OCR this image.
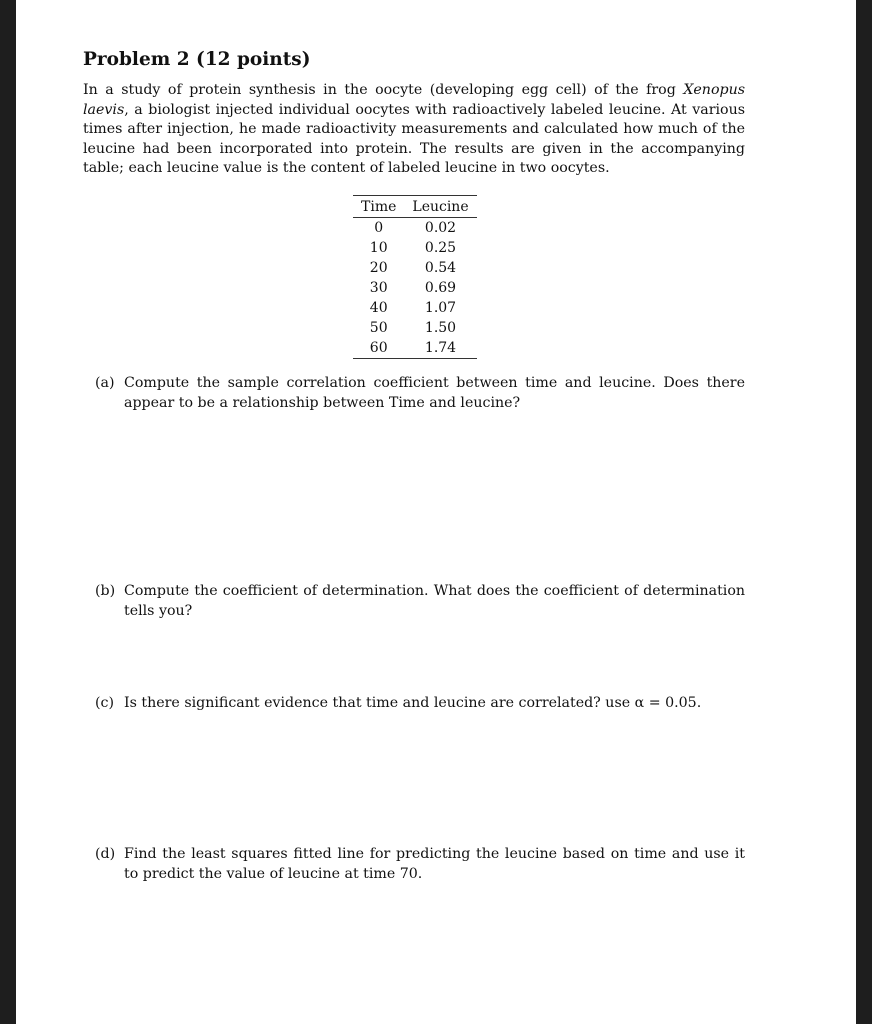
Problem 2 (12 points)

In a study of protein synthesis in the oocyte (developing egg cell) of the frog Xenopus laevis, a biologist injected individual oocytes with radioactively labeled leucine. At various times after injection, he made radioactivity measurements and calculated how much of the leucine had been incorporated into protein. The results are given in the accompanying table; each leucine value is the content of labeled leucine in two oocytes.

Time	Leucine
0	0.02
10	0.25
20	0.54
30	0.69
40	1.07
50	1.50
60	1.74
(a) Compute the sample correlation coefficient between time and leucine. Does there appear to be a relationship between Time and leucine?
(b) Compute the coefficient of determination. What does the coefficient of determination tells you?
(c) Is there significant evidence that time and leucine are correlated? use α = 0.05.
(d) Find the least squares fitted line for predicting the leucine based on time and use it to predict the value of leucine at time 70.
